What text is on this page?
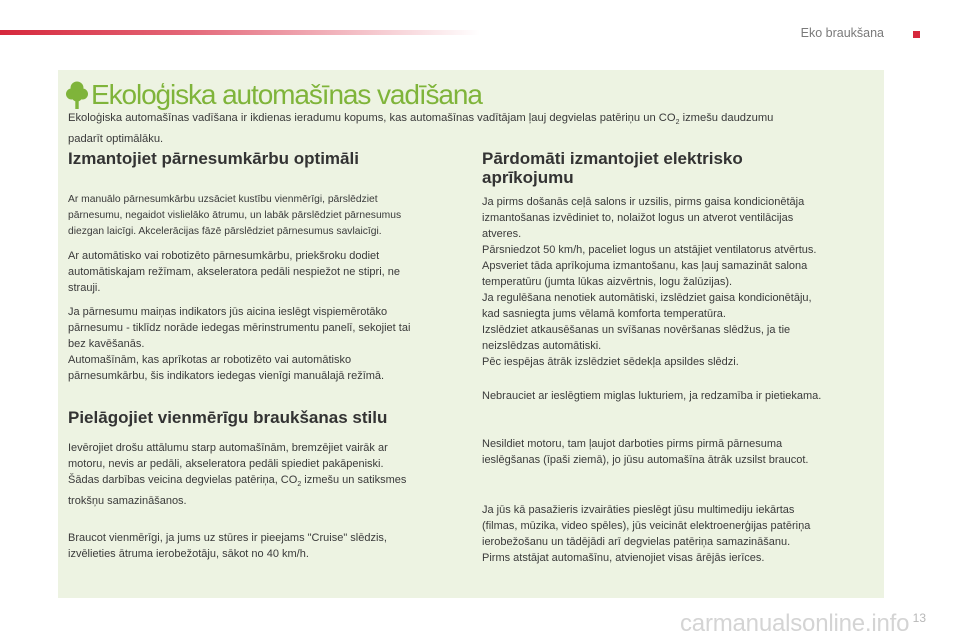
Eko braukšana
Ekoloģiska automašīnas vadīšana
Ekoloģiska automašīnas vadīšana ir ikdienas ieradumu kopums, kas automašīnas vadītājam ļauj degvielas patēriņu un $CO_2$ izmešu daudzumu
padarīt optimālāku.
Izmantojiet pārnesumkārbu optimāli
Ar manuālo pārnesumkārbu uzsāciet kustību vienmērīgi, pārslēdziet
pārnesumu, negaidot vislielāko ātrumu, un labāk pārslēdziet pārnesumus
diezgan laicīgi. Akcelerācijas fāzē pārslēdziet pārnesumus savlaicīgi.
Ar automātisko vai robotizēto pārnesumkārbu, priekšroku dodiet
automātiskajam režīmam, akseleratora pedāli nespiežot ne stipri, ne
strauji.
Ja pārnesumu maiņas indikators jūs aicina ieslēgt vispiemērotāko
pārnesumu - tiklīdz norāde iedegas mērinstrumentu panelī, sekojiet tai
bez kavēšanās.
Automašīnām, kas aprīkotas ar robotizēto vai automātisko
pārnesumkārbu, šis indikators iedegas vienīgi manuālajā režīmā.
Pielāgojiet vienmērīgu braukšanas stilu
Ievērojiet drošu attālumu starp automašīnām, bremzējiet vairāk ar
motoru, nevis ar pedāli, akseleratora pedāli spiediet pakāpeniski.
Šādas darbības veicina degvielas patēriņa, $CO_2$ izmešu un satiksmes
trokšņu samazināšanos.
Braucot vienmērīgi, ja jums uz stūres ir pieejams "Cruise" slēdzis,
izvēlieties ātruma ierobežotāju, sākot no 40 km/h.
Pārdomāti izmantojiet elektrisko
aprīkojumu
Ja pirms došanās ceļā salons ir uzsilis, pirms gaisa kondicionētāja
izmantošanas izvēdiniet to, nolaižot logus un atverot ventilācijas
atveres.
Pārsniedzot 50 km/h, paceliet logus un atstājiet ventilatorus atvērtus.
Apsveriet tāda aprīkojuma izmantošanu, kas ļauj samazināt salona
temperatūru (jumta lūkas aizvērtnis, logu žalūzijas).
Ja regulēšana nenotiek automātiski, izslēdziet gaisa kondicionētāju,
kad sasniegta jums vēlamā komforta temperatūra.
Izslēdziet atkausēšanas un svīšanas novēršanas slēdžus, ja tie
neizslēdzas automātiski.
Pēc iespējas ātrāk izslēdziet sēdekļa apsildes slēdzi.
Nebrauciet ar ieslēgtiem miglas lukturiem, ja redzamība ir pietiekama.
Nesildiet motoru, tam ļaujot darboties pirms pirmā pārnesuma
ieslēgšanas (īpaši ziemā), jo jūsu automašīna ātrāk uzsilst braucot.
Ja jūs kā pasažieris izvairāties pieslēgt jūsu multimediju iekārtas
(filmas, mūzika, video spēles), jūs veicināt elektroenerģijas patēriņa
ierobežošanu un tādējādi arī degvielas patēriņa samazināšanu.
Pirms atstājat automašīnu, atvienojiet visas ārējās ierīces.
carmanualsonline.info 13
